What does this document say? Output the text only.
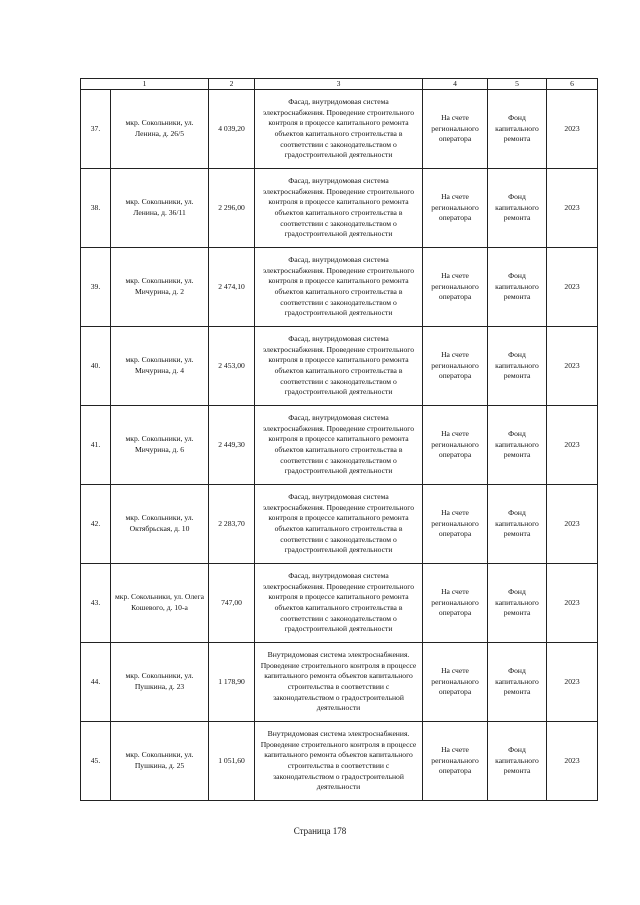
1		2	3	4	5	6
37.	мкр. Сокольники, ул. Ленина, д. 26/5	4 039,20	Фасад, внутридомовая система электроснабжения. Проведение строительного контроля в процессе капитального ремонта объектов капитального строительства в соответствии с законодательством о градостроительной деятельности	На счете регионального оператора	Фонд капитального ремонта	2023
38.	мкр. Сокольники, ул. Ленина, д. 36/11	2 296,00	Фасад, внутридомовая система электроснабжения. Проведение строительного контроля в процессе капитального ремонта объектов капитального строительства в соответствии с законодательством о градостроительной деятельности	На счете регионального оператора	Фонд капитального ремонта	2023
39.	мкр. Сокольники, ул. Мичурина, д. 2	2 474,10	Фасад, внутридомовая система электроснабжения. Проведение строительного контроля в процессе капитального ремонта объектов капитального строительства в соответствии с законодательством о градостроительной деятельности	На счете регионального оператора	Фонд капитального ремонта	2023
40.	мкр. Сокольники, ул. Мичурина, д. 4	2 453,00	Фасад, внутридомовая система электроснабжения. Проведение строительного контроля в процессе капитального ремонта объектов капитального строительства в соответствии с законодательством о градостроительной деятельности	На счете регионального оператора	Фонд капитального ремонта	2023
41.	мкр. Сокольники, ул. Мичурина, д. 6	2 449,30	Фасад, внутридомовая система электроснабжения. Проведение строительного контроля в процессе капитального ремонта объектов капитального строительства в соответствии с законодательством о градостроительной деятельности	На счете регионального оператора	Фонд капитального ремонта	2023
42.	мкр. Сокольники, ул. Октябрьская, д. 10	2 283,70	Фасад, внутридомовая система электроснабжения. Проведение строительного контроля в процессе капитального ремонта объектов капитального строительства в соответствии с законодательством о градостроительной деятельности	На счете регионального оператора	Фонд капитального ремонта	2023
43.	мкр. Сокольники, ул. Олега Кошевого, д. 10-а	747,00	Фасад, внутридомовая система электроснабжения. Проведение строительного контроля в процессе капитального ремонта объектов капитального строительства в соответствии с законодательством о градостроительной деятельности	На счете регионального оператора	Фонд капитального ремонта	2023
44.	мкр. Сокольники, ул. Пушкина, д. 23	1 178,90	Внутридомовая система электроснабжения. Проведение строительного контроля в процессе капитального ремонта объектов капитального строительства в соответствии с законодательством о градостроительной деятельности	На счете регионального оператора	Фонд капитального ремонта	2023
45.	мкр. Сокольники, ул. Пушкина, д. 25	1 051,60	Внутридомовая система электроснабжения. Проведение строительного контроля в процессе капитального ремонта объектов капитального строительства в соответствии с законодательством о градостроительной деятельности	На счете регионального оператора	Фонд капитального ремонта	2023
Страница 178
